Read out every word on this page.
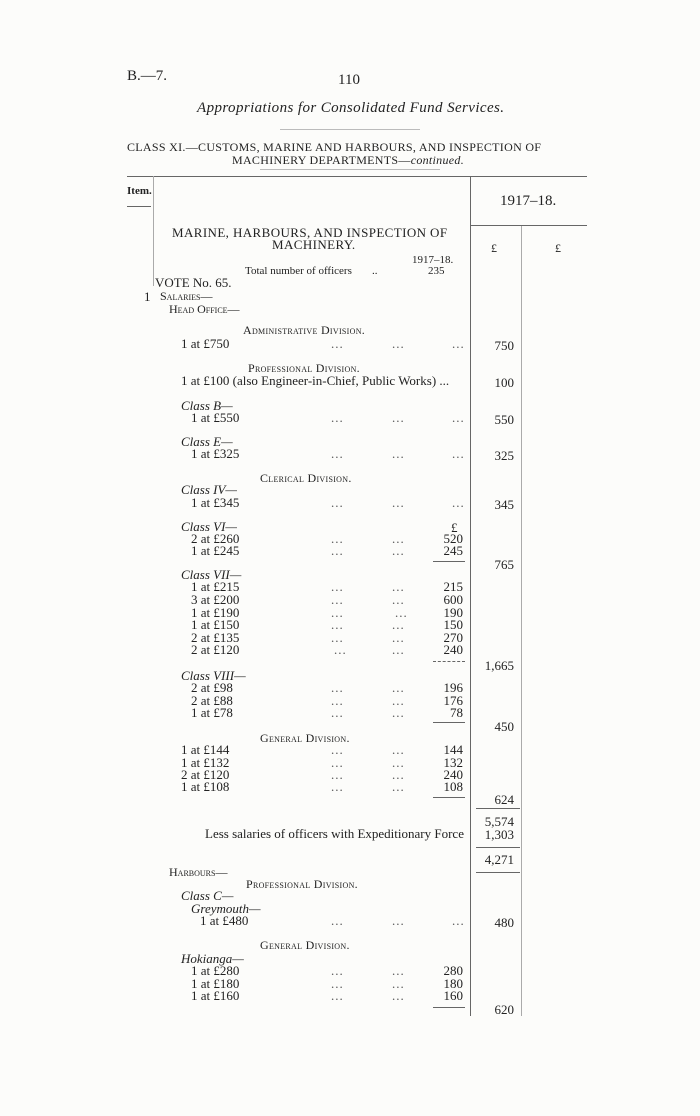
B.—7.	110
Appropriations for Consolidated Fund Services.
CLASS XI.—CUSTOMS, MARINE AND HARBOURS, AND INSPECTION OF
MACHINERY DEPARTMENTS—continued.
Item.
1917–18.
£	£
MARINE, HARBOURS, AND INSPECTION OF
MACHINERY.
1917–18.
Total number of officers ..	235
VOTE No. 65.
1 Salaries—
Head Office—
Administrative Division.
1 at £750	...	...	...	750
Professional Division.
1 at £100 (also Engineer-in-Chief, Public Works) ...	100
Class B—
1 at £550	...	...	...	550
Class E—
1 at £325	...	...	...	325
Clerical Division.
Class IV—
1 at £345	...	...	...	345
Class VI—	£
2 at £260	...	...	520
1 at £245	...	...	245
765
Class VII—
1 at £215	...	...	215
3 at £200	...	...	600
1 at £190	...	...	190
1 at £150	...	...	150
2 at £135	...	...	270
2 at £120	...	...	240
1,665
Class VIII—
2 at £98	...	...	196
2 at £88	...	...	176
1 at £78	...	...	78
450
General Division.
1 at £144	...	...	144
1 at £132	...	...	132
2 at £120	...	...	240
1 at £108	...	...	108
624
5,574
Less salaries of officers with Expeditionary Force	1,303
4,271
Harbours—
Professional Division.
Class C—
Greymouth—
1 at £480	...	...	...	480
General Division.
Hokianga—
1 at £280	...	...	280
1 at £180	...	...	180
1 at £160	...	...	160
620
